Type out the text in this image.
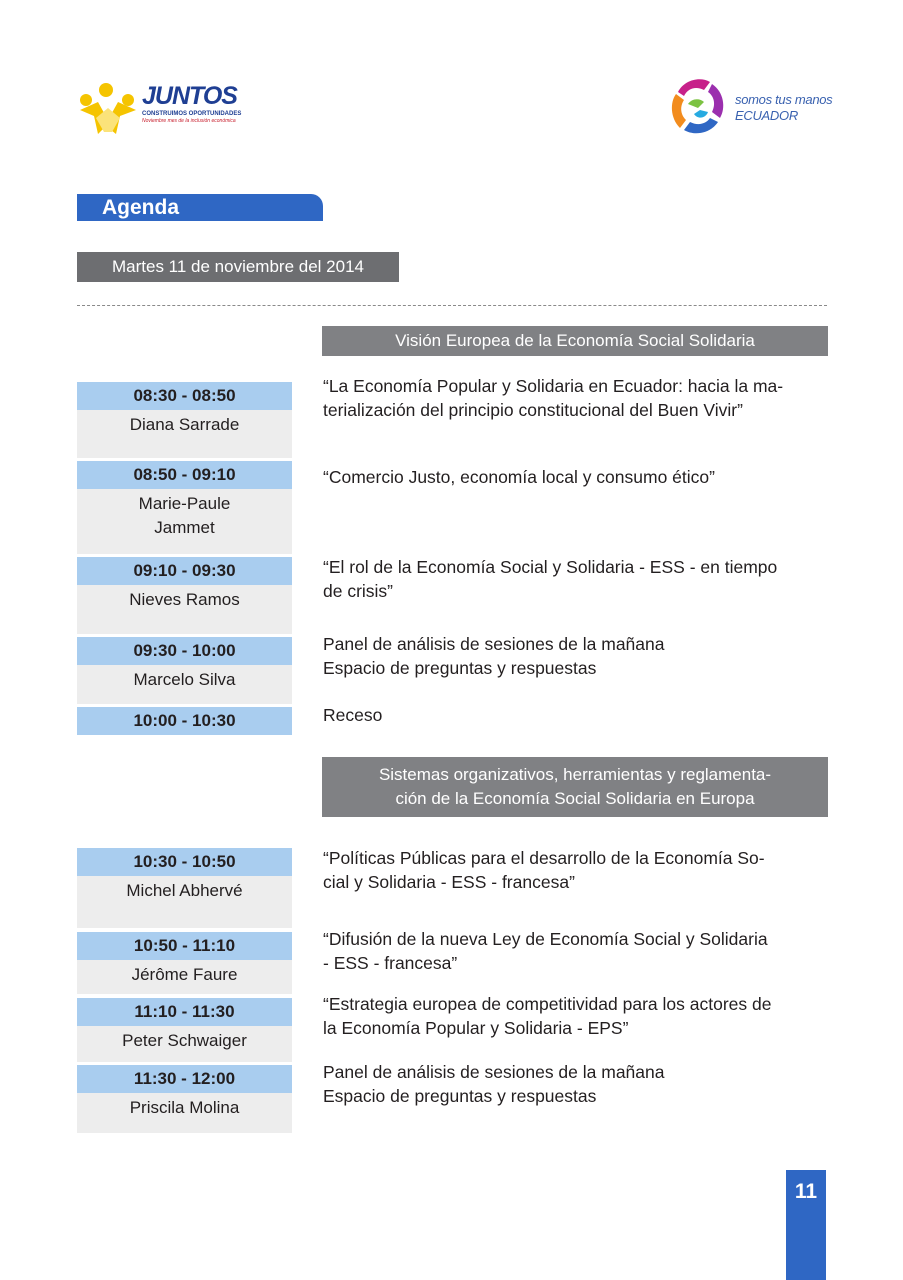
JUNTOS
CONSTRUIMOS OPORTUNIDADES
Noviembre mes de la inclusión económica
somos tus manos
ECUADOR
Agenda
Martes 11 de noviembre del 2014
Visión Europea de la Economía Social Solidaria
Sistemas organizativos, herramientas y reglamenta-
ción de la Economía Social Solidaria en Europa
08:30 - 08:50
Diana Sarrade
“La Economía Popular y Solidaria en Ecuador: hacia la ma-
terialización del principio constitucional del Buen Vivir”
08:50 - 09:10
Marie-Paule
Jammet
“Comercio Justo, economía local y consumo ético”
09:10 - 09:30
Nieves Ramos
“El rol de la Economía Social y Solidaria - ESS - en tiempo
de crisis”
09:30 - 10:00
Marcelo Silva
Panel de análisis de sesiones de la mañana
Espacio de preguntas y respuestas
10:00 - 10:30	Receso
10:30 - 10:50
Michel Abhervé
“Políticas Públicas para el desarrollo de la Economía So-
cial y Solidaria - ESS - francesa”
10:50 - 11:10
Jérôme Faure
“Difusión de la nueva Ley de Economía Social y Solidaria
- ESS - francesa”
11:10 - 11:30
Peter Schwaiger
“Estrategia europea de competitividad para los actores de
la Economía Popular y Solidaria - EPS”
11:30 - 12:00
Priscila Molina
Panel de análisis de sesiones de la mañana
Espacio de preguntas y respuestas
11
